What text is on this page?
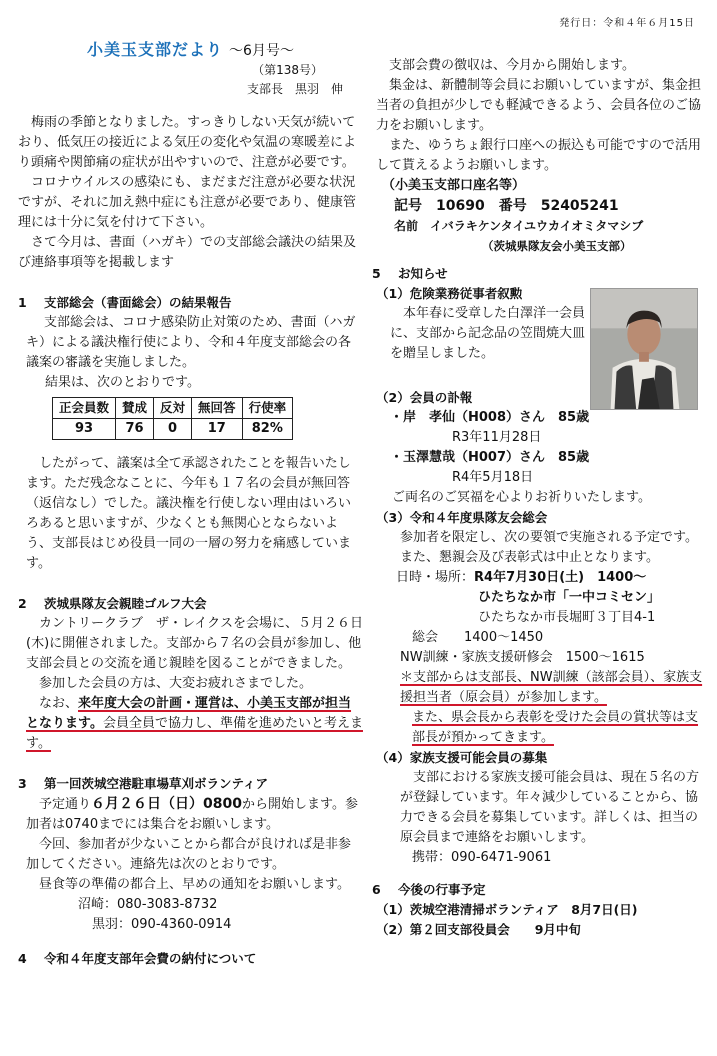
発行日：令和４年６月15日
小美玉支部だより 〜6月号〜
（第138号）
支部長　黒羽　伸

梅雨の季節となりました。すっきりしない天気が続いており、低気圧の接近による気圧の変化や気温の寒暖差により頭痛や関節痛の症状が出やすいので、注意が必要です。

コロナウイルスの感染にも、まだまだ注意が必要な状況ですが、それに加え熱中症にも注意が必要であり、健康管理には十分に気を付けて下さい。

さて今月は、書面（ハガキ）での支部総会議決の結果及び連絡事項等を掲載します

1	支部総会（書面総会）の結果報告

支部総会は、コロナ感染防止対策のため、書面（ハガキ）による議決権行使により、令和４年度支部総会の各議案の審議を実施しました。

結果は、次のとおりです。

正会員数	賛成	反対	無回答	行使率
93	76	0	17	82%

したがって、議案は全て承認されたことを報告いたします。ただ残念なことに、今年も１７名の会員が無回答（返信なし）でした。議決権を行使しない理由はいろいろあると思いますが、少なくとも無関心とならないよう、支部長はじめ役員一同の一層の努力を痛感しています。

2	茨城県隊友会親睦ゴルフ大会

カントリークラブ　ザ・レイクスを会場に、５月２６日(木)に開催されました。支部から７名の会員が参加し、他支部会員との交流を通じ親睦を図ることができました。

参加した会員の方は、大変お疲れさまでした。

なお、来年度大会の計画・運営は、小美玉支部が担当となります。会員全員で協力し、準備を進めたいと考えます。

3	第一回茨城空港駐車場草刈ボランティア

予定通り６月２６日（日）0800から開始します。参加者は0740までには集合をお願いします。

今回、参加者が少ないことから都合が良ければ是非参加してください。連絡先は次のとおりです。

昼食等の準備の都合上、早めの通知をお願いします。

沼崎：080-3083-8732
黒羽：090-4360-0914
4	令和４年度支部年会費の納付について

支部会費の徴収は、今月から開始します。

集金は、新體制等会員にお願いしていますが、集金担当者の負担が少しでも軽減できるよう、会員各位のご協力をお願いします。

また、ゆうちょ銀行口座への振込も可能ですので活用して貰えるようお願いします。

（小美玉支部口座名等）
記号　10690　番号　52405241
名前　イバラキケンタイユウカイオミタマシブ
（茨城県隊友会小美玉支部）
5	お知らせ
（1）危険業務従事者叙勲

本年春に受章した白澤洋一会員に、支部から記念品の笠間焼大皿を贈呈しました。

（2）会員の訃報
・岸　孝仙（H008）さん　85歳
R3年11月28日
・玉澤慧哉（H007）さん　85歳
R4年5月18日
ご両名のご冥福を心よりお祈りいたします。
（3）令和４年度県隊友会総会

参加者を限定し、次の要領で実施される予定です。

また、懇親会及び表彰式は中止となります。

日時・場所：R4年7月30日(土)　1400〜
ひたちなか市「一中コミセン」
ひたちなか市長堀町３丁目4-1
総会　　1400〜1450
NW訓練・家族支援研修会　1500〜1615

＊支部からは支部長、NW訓練（該部会員）、家族支援担当者（原会員）が参加します。

また、県会長から表彰を受けた会員の賞状等は支部長が預かってきます。

（4）家族支援可能会員の募集

支部における家族支援可能会員は、現在５名の方が登録しています。年々減少していることから、協力できる会員を募集しています。詳しくは、担当の原会員まで連絡をお願いします。

携帯：090-6471-9061
6	今後の行事予定
（1）茨城空港清掃ボランティア　8月7日(日)
（2）第２回支部役員会　　9月中旬
